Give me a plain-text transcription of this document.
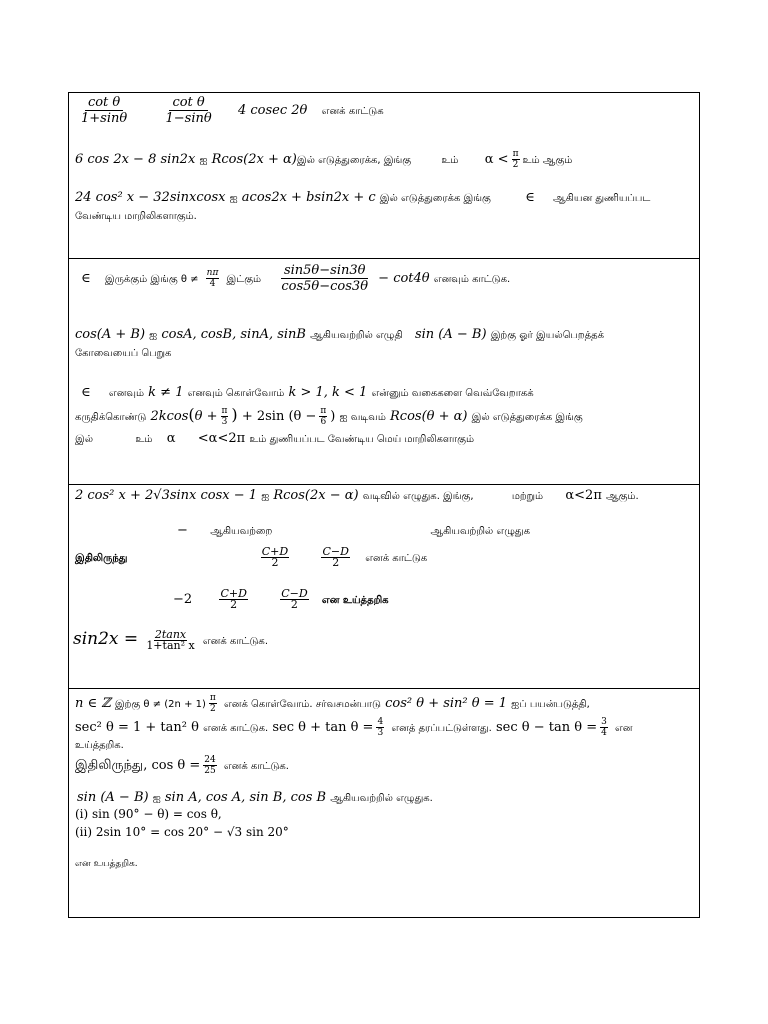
$\frac{\text{cot θ}}{1+\sin\theta}$
$\frac{\text{cot θ}}{1-\sin\theta} 4$ cosec 2θ எனக் காட்டுக
6 cos 2x − 8 sin2x ஐ Rcos(2x + α)இல் எடுத்துரைக்க, இங்கு	உம் $\alpha < \frac{\pi}{2}$ உம் ஆகும்
24 cos² x − 32sinxcosx ஐ acos2x + bsin2x + c இல் எடுத்துரைக்க இங்கு	∈ ஆகியன துணியப்பட
வேண்டிய மாறிலிகளாகும்.
∈ இருக்கும் இங்கு $\theta \ne \frac{n\pi}{4}$ இட்கும் $\frac{\sin 5\theta-\sin 3\theta}{\cos 5\theta-\cos 3\theta} - \cot 4\theta$ எனவும் காட்டுக.
cos(A + B) ஐ cosA, cosB, sinA, sinB ஆகியவற்றில் எழுதி sin (A − B) இற்கு ஓர் இயல்பெறத்தக்
கோவையைப் பெறுக
∈ எனவும் k ≠ 1 எனவும் கொள்வோம் k > 1, k < 1 என்னும் வகைகளை வெவ்வேறாகக்
கருதிக்கொண்டு $2kcos(\theta + \frac{\pi}{3}$ ) + 2sin ($\theta - \frac{\pi}{6}$ ) ஐ வடிவம் Rcos(θ + α) இல் எடுத்துரைக்க இங்கு
இல்	உம் α <α<2π உம் துணியப்பட வேண்டிய மெய் மாறிலிகளாகும்
2 cos² x + 2√3sinx cosx − 1 ஐ Rcos(2x − α) வடிவில் எழுதுக. இங்கு,	மற்றும் α<2π ஆகும்.
− ஆகியவற்றை	ஆகியவற்றில் எழுதுக
இதிலிருந்து	$\frac{C+D}{2}$
	$\frac{C-D}{2}$ எனக் காட்டுக
$-2 \frac{C+D}{2}$
	$\frac{C-D}{2}$ என உய்த்தறிக
$\sin 2x = \frac{2\tan x}{\text{1+tan² x}}$ எனக் காட்டுக.
n ∈ ℤ இற்கு $\theta \ne (2n + 1) \frac{\pi}{2}$ எனக் கொள்வோம். சர்வசமன்பாடு cos² θ + sin² θ = 1 ஐப் பயன்படுத்தி,
sec² θ = 1 + tan² θ எனக் காட்டுக. $\sec \theta + \tan \theta = \frac{4}{3}$ எனத் தரப்பட்டுள்ளது. $\sec \theta - \tan \theta = \frac{3}{4}$ என
உய்த்தறிக.
இதிலிருந்து, $\cos \theta = \frac{24}{25}$ எனக் காட்டுக.
sin (A − B) ஐ sin A, cos A, sin B, cos B ஆகியவற்றில் எழுதுக.
(i) sin (90° − θ) = cos θ,
(ii) 2sin 10° = cos 20° − √3 sin 20°
என உயத்தறிக.
